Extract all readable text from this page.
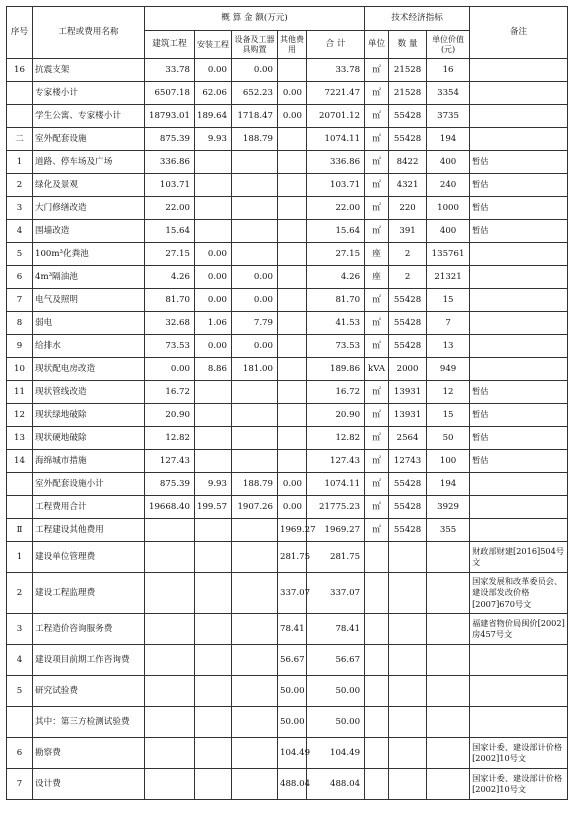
序号	工程或费用名称	概 算 金 额(万元)					技术经济指标			备注
		建筑工程	安装工程	设备及工器具购置	其他费用	合 计	单位	数 量	单位价值(元)	
16	抗震支架	33.78	0.00	0.00		33.78	㎡	21528	16	
	专家楼小计	6507.18	62.06	652.23	0.00	7221.47	㎡	21528	3354	
	学生公寓、专家楼小计	18793.01	189.64	1718.47	0.00	20701.12	㎡	55428	3735	
二	室外配套设施	875.39	9.93	188.79		1074.11	㎡	55428	194	
1	道路、停车场及广场	336.86				336.86	㎡	8422	400	暂估
2	绿化及景观	103.71				103.71	㎡	4321	240	暂估
3	大门修缮改造	22.00				22.00	㎡	220	1000	暂估
4	围墙改造	15.64				15.64	㎡	391	400	暂估
5	100m³化粪池	27.15	0.00			27.15	座	2	135761	
6	4m³隔油池	4.26	0.00	0.00		4.26	座	2	21321	
7	电气及照明	81.70	0.00	0.00		81.70	㎡	55428	15	
8	弱电	32.68	1.06	7.79		41.53	㎡	55428	7	
9	给排水	73.53	0.00	0.00		73.53	㎡	55428	13	
10	现状配电房改造	0.00	8.86	181.00		189.86	kVA	2000	949	
11	现状管线改造	16.72				16.72	㎡	13931	12	暂估
12	现状绿地破除	20.90				20.90	㎡	13931	15	暂估
13	现状硬地破除	12.82				12.82	㎡	2564	50	暂估
14	海绵城市措施	127.43				127.43	㎡	12743	100	暂估
	室外配套设施小计	875.39	9.93	188.79	0.00	1074.11	㎡	55428	194	
	工程费用合计	19668.40	199.57	1907.26	0.00	21775.23	㎡	55428	3929	
Ⅱ	工程建设其他费用				1969.27	1969.27	㎡	55428	355	
1	建设单位管理费				281.75	281.75				财政部财建[2016]504号文
2	建设工程监理费				337.07	337.07				国家发展和改革委员会、建设部发改价格[2007]670号文
3	工程造价咨询服务费				78.41	78.41				福建省物价局闽价[2002]房457号文
4	建设项目前期工作咨询费				56.67	56.67				
5	研究试验费				50.00	50.00				
	其中：第三方检测试验费				50.00	50.00				
6	勘察费				104.49	104.49				国家计委、建设部计价格[2002]10号文
7	设计费				488.04	488.04				国家计委、建设部计价格[2002]10号文
